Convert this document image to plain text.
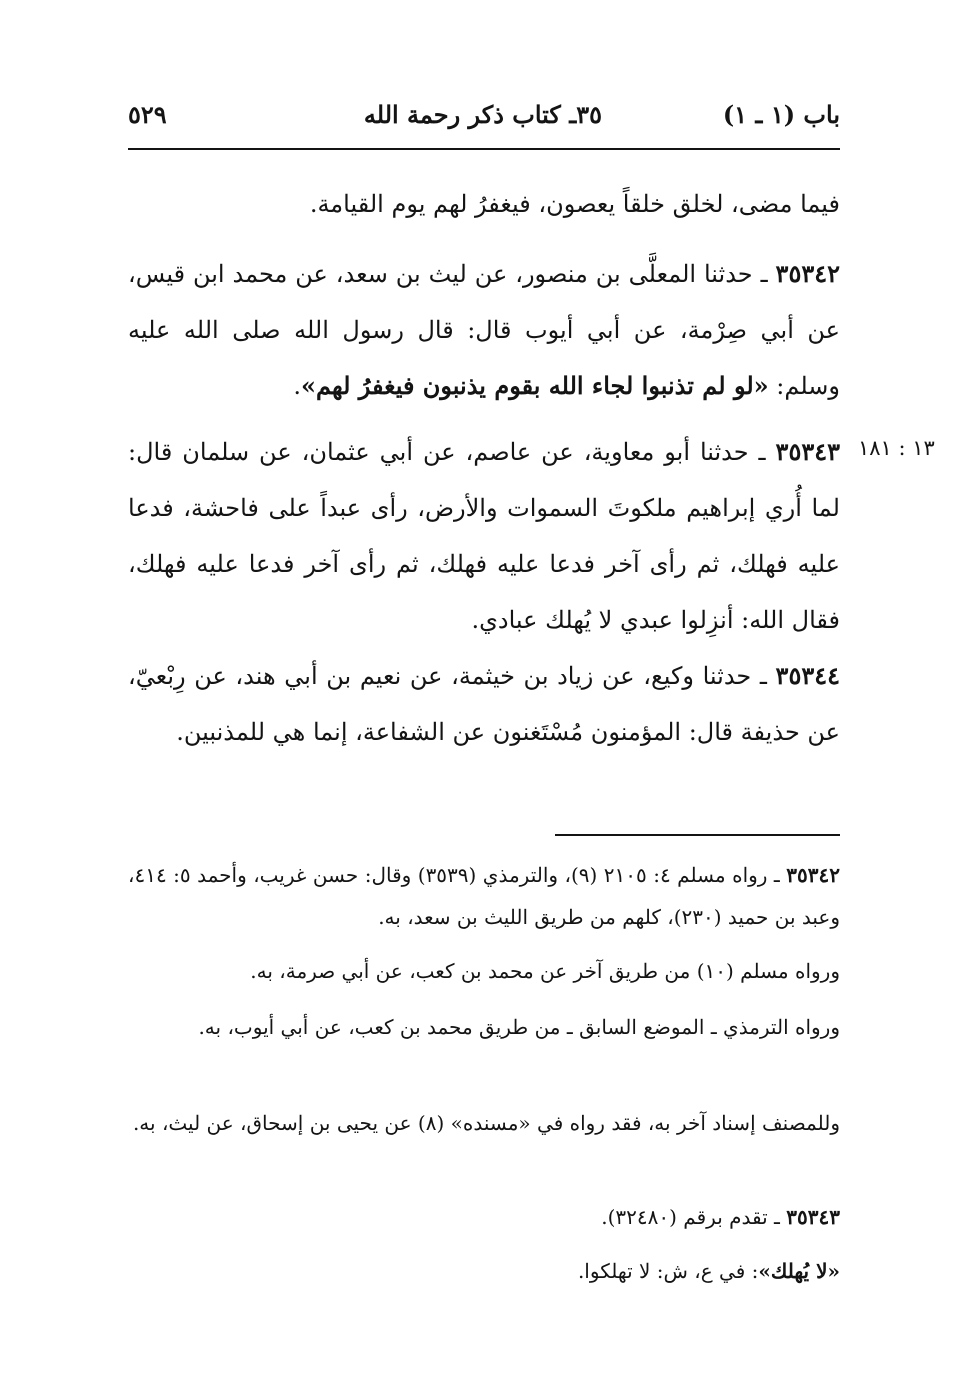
باب (١ ـ ١)
٣٥ـ كتاب ذكر رحمة الله
٥٢٩
فيما مضى، لخلق خلقاً يعصون، فيغفرُ لهم يوم القيامة.
٣٥٣٤٢ ـ حدثنا المعلَّى بن منصور، عن ليث بن سعد، عن محمد ابن قيس، عن أبي صِرْمة، عن أبي أيوب قال: قال رسول الله صلى الله عليه وسلم: «لو لم تذنبوا لجاء الله بقوم يذنبون فيغفرُ لهم».
١٣ : ١٨١
٣٥٣٤٣ ـ حدثنا أبو معاوية، عن عاصم، عن أبي عثمان، عن سلمان قال: لما أُري إبراهيم ملكوتَ السموات والأرض، رأى عبداً على فاحشة، فدعا عليه فهلك، ثم رأى آخر فدعا عليه فهلك، ثم رأى آخر فدعا عليه فهلك، فقال الله: أنزِلوا عبدي لا يُهلك عبادي.
٣٥٣٤٤ ـ حدثنا وكيع، عن زياد بن خيثمة، عن نعيم بن أبي هند، عن رِبْعيّ، عن حذيفة قال: المؤمنون مُسْتَغنون عن الشفاعة، إنما هي للمذنبين.
٣٥٣٤٢ ـ رواه مسلم ٤: ٢١٠٥ (٩)، والترمذي (٣٥٣٩) وقال: حسن غريب، وأحمد ٥: ٤١٤، وعبد بن حميد (٢٣٠)، كلهم من طريق الليث بن سعد، به.
ورواه مسلم (١٠) من طريق آخر عن محمد بن كعب، عن أبي صرمة، به.
ورواه الترمذي ـ الموضع السابق ـ من طريق محمد بن كعب، عن أبي أيوب، به.
وللمصنف إسناد آخر به، فقد رواه في «مسنده» (٨) عن يحيى بن إسحاق، عن ليث، به.
٣٥٣٤٣ ـ تقدم برقم (٣٢٤٨٠).
«لا يُهلك»: في ع، ش: لا تهلكوا.
